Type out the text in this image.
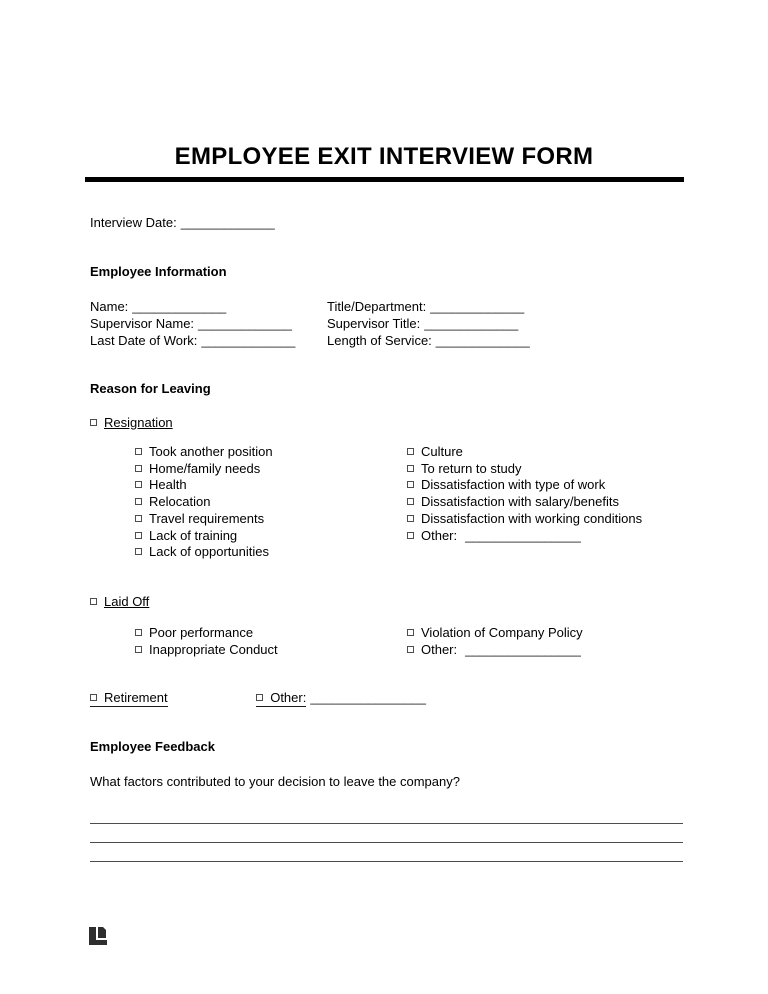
EMPLOYEE EXIT INTERVIEW FORM
Interview Date: _____________
Employee Information
Name: _____________	Title/Department: _____________
Supervisor Name: _____________	Supervisor Title: _____________
Last Date of Work: _____________	Length of Service: _____________
Reason for Leaving
Resignation
Took another position
Home/family needs
Health
Relocation
Travel requirements
Lack of training
Lack of opportunities
Culture
To return to study
Dissatisfaction with type of work
Dissatisfaction with salary/benefits
Dissatisfaction with working conditions
Other: ________________
Laid Off
Poor performance
Inappropriate Conduct
Violation of Company Policy
Other: ________________
Retirement	Other: ________________
Employee Feedback
What factors contributed to your decision to leave the company?
